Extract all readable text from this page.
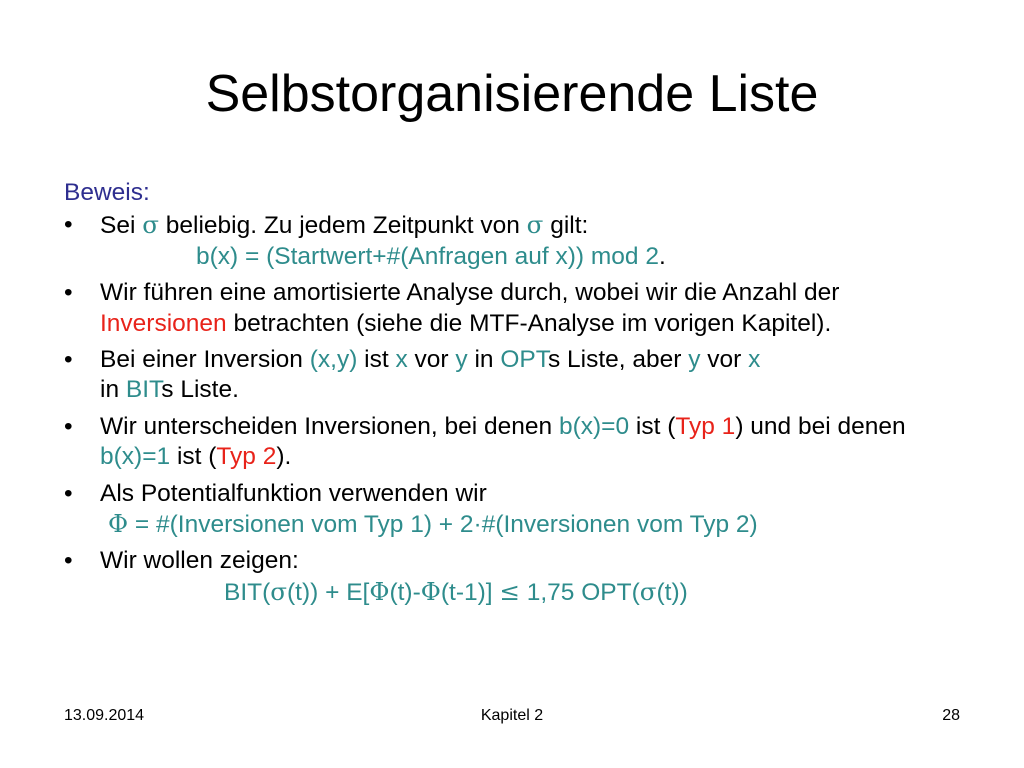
Selbstorganisierende Liste
Beweis:
• Sei σ beliebig. Zu jedem Zeitpunkt von σ gilt:
b(x) = (Startwert+#(Anfragen auf x)) mod 2.
• Wir führen eine amortisierte Analyse durch, wobei wir die Anzahl der Inversionen betrachten (siehe die MTF-Analyse im vorigen Kapitel).
• Bei einer Inversion (x,y) ist x vor y in OPTs Liste, aber y vor x
in BITs Liste.
• Wir unterscheiden Inversionen, bei denen b(x)=0 ist (Typ 1) und bei denen b(x)=1 ist (Typ 2).
• Als Potentialfunktion verwenden wir
Φ = #(Inversionen vom Typ 1) + 2·#(Inversionen vom Typ 2)
• Wir wollen zeigen:
BIT(σ(t)) + E[Φ(t)-Φ(t-1)] ≤ 1,75 OPT(σ(t))
13.09.2014	Kapitel 2	28
